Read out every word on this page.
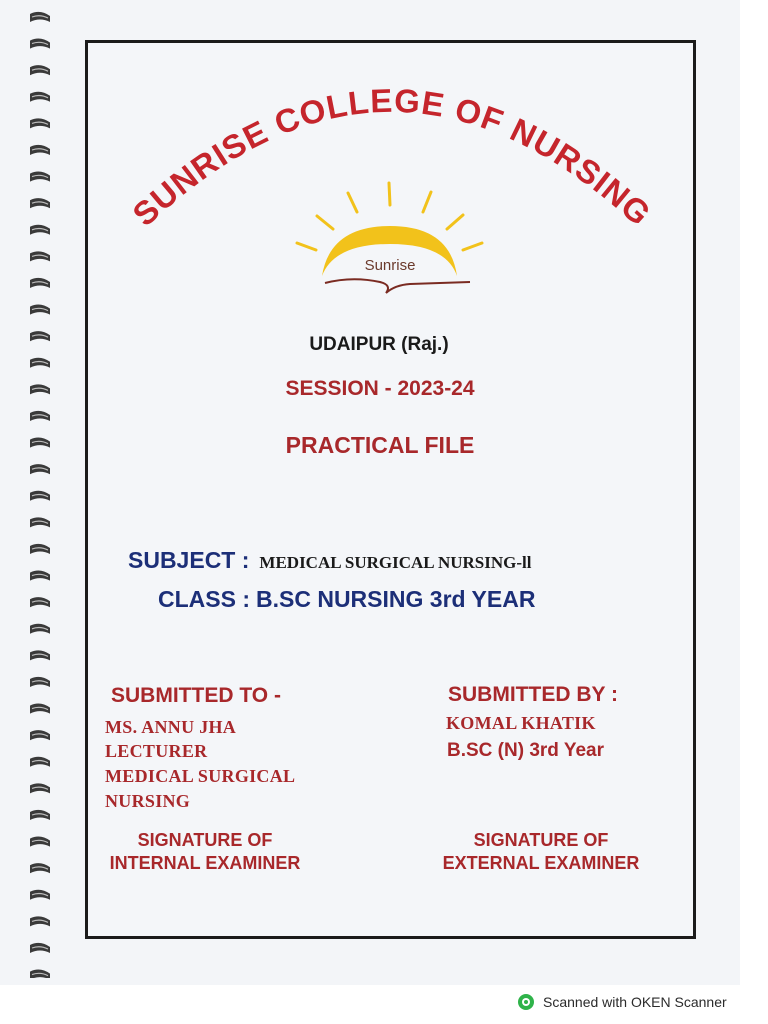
SUNRISE COLLEGE OF NURSING
Sunrise

UDAIPUR (Raj.)

SESSION - 2023-24

PRACTICAL FILE

SUBJECT : MEDICAL SURGICAL NURSING-ll

CLASS : B.SC NURSING 3rd YEAR

SUBMITTED TO -

MS. ANNU JHA

LECTURER

MEDICAL SURGICAL

NURSING

SUBMITTED BY :

KOMAL KHATIK

B.SC (N) 3rd Year

SIGNATURE OF
INTERNAL EXAMINER
SIGNATURE OF
EXTERNAL EXAMINER
Scanned with OKEN Scanner
